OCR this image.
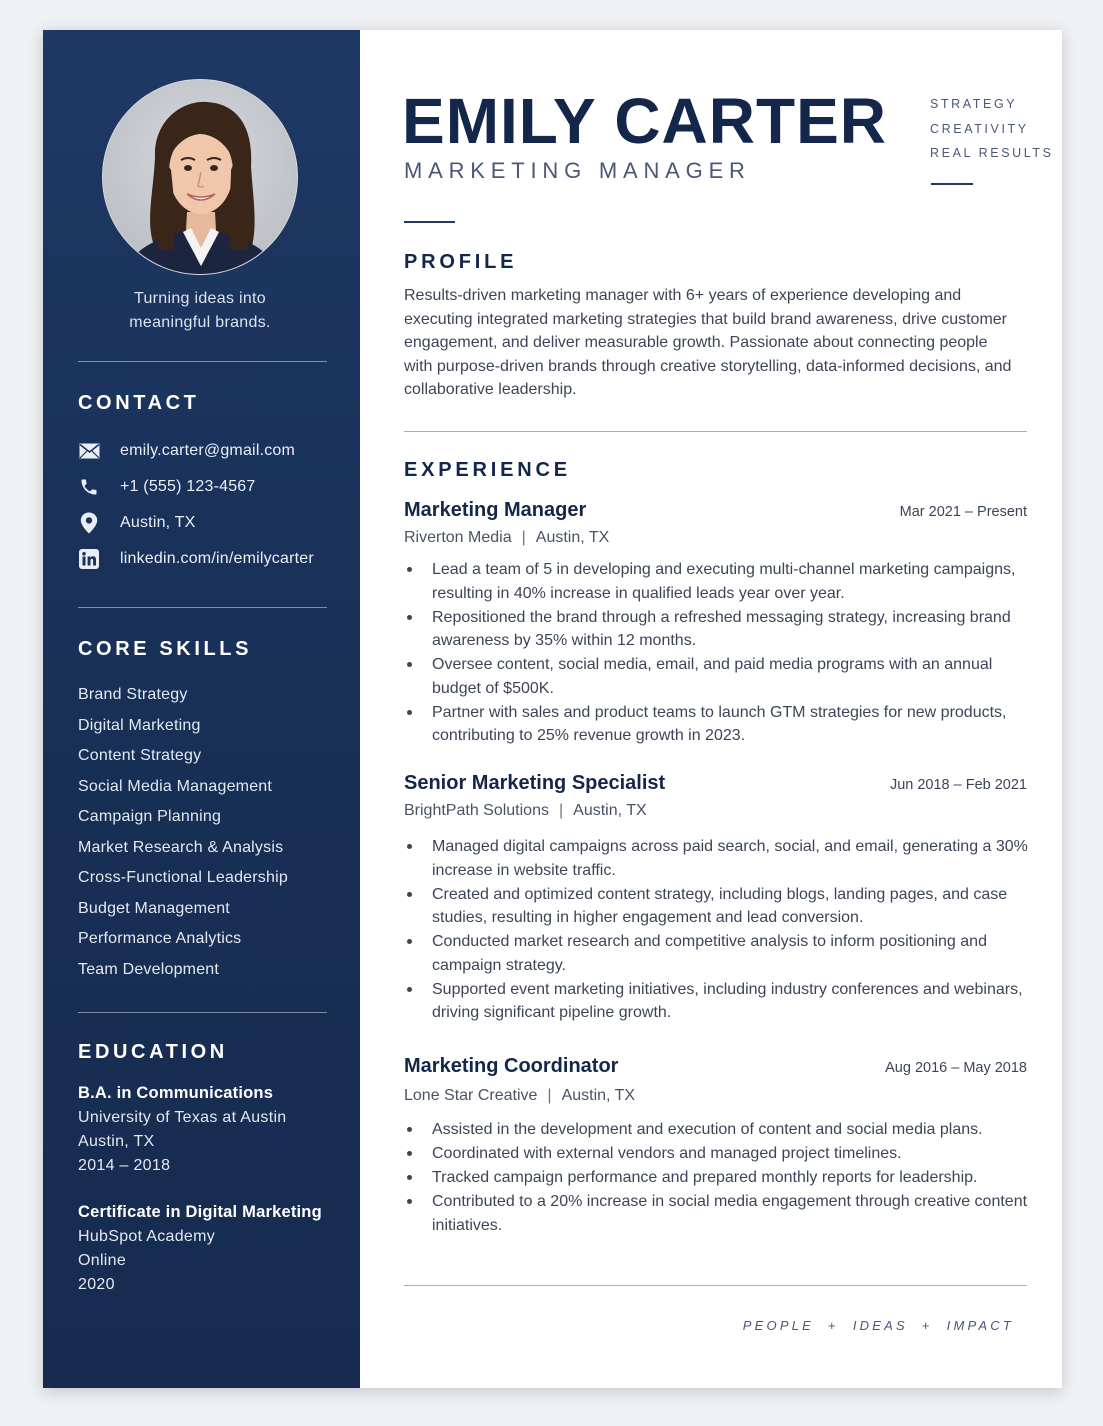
Turning ideas into
meaningful brands.
CONTACT
emily.carter@gmail.com
+1 (555) 123-4567
Austin, TX
linkedin.com/in/emilycarter
CORE SKILLS
Brand Strategy
Digital Marketing
Content Strategy
Social Media Management
Campaign Planning
Market Research & Analysis
Cross-Functional Leadership
Budget Management
Performance Analytics
Team Development
EDUCATION
B.A. in Communications
University of Texas at Austin
Austin, TX
2014 – 2018
Certificate in Digital Marketing
HubSpot Academy
Online
2020
EMILY CARTER
MARKETING MANAGER
STRATEGY
CREATIVITY
REAL RESULTS
PROFILE

Results-driven marketing manager with 6+ years of experience developing and executing integrated marketing strategies that build brand awareness, drive customer engagement, and deliver measurable growth. Passionate about connecting people with purpose-driven brands through creative storytelling, data-informed decisions, and collaborative leadership.

EXPERIENCE
Marketing Manager	Mar 2021 – Present
Riverton Media | Austin, TX
Lead a team of 5 in developing and executing multi-channel marketing campaigns, resulting in 40% increase in qualified leads year over year.
Repositioned the brand through a refreshed messaging strategy, increasing brand awareness by 35% within 12 months.
Oversee content, social media, email, and paid media programs with an annual budget of $500K.
Partner with sales and product teams to launch GTM strategies for new products, contributing to 25% revenue growth in 2023.
Senior Marketing Specialist	Jun 2018 – Feb 2021
BrightPath Solutions | Austin, TX
Managed digital campaigns across paid search, social, and email, generating a 30% increase in website traffic.
Created and optimized content strategy, including blogs, landing pages, and case studies, resulting in higher engagement and lead conversion.
Conducted market research and competitive analysis to inform positioning and campaign strategy.
Supported event marketing initiatives, including industry conferences and webinars, driving significant pipeline growth.
Marketing Coordinator	Aug 2016 – May 2018
Lone Star Creative | Austin, TX
Assisted in the development and execution of content and social media plans.
Coordinated with external vendors and managed project timelines.
Tracked campaign performance and prepared monthly reports for leadership.
Contributed to a 20% increase in social media engagement through creative content initiatives.
PEOPLE + IDEAS + IMPACT
